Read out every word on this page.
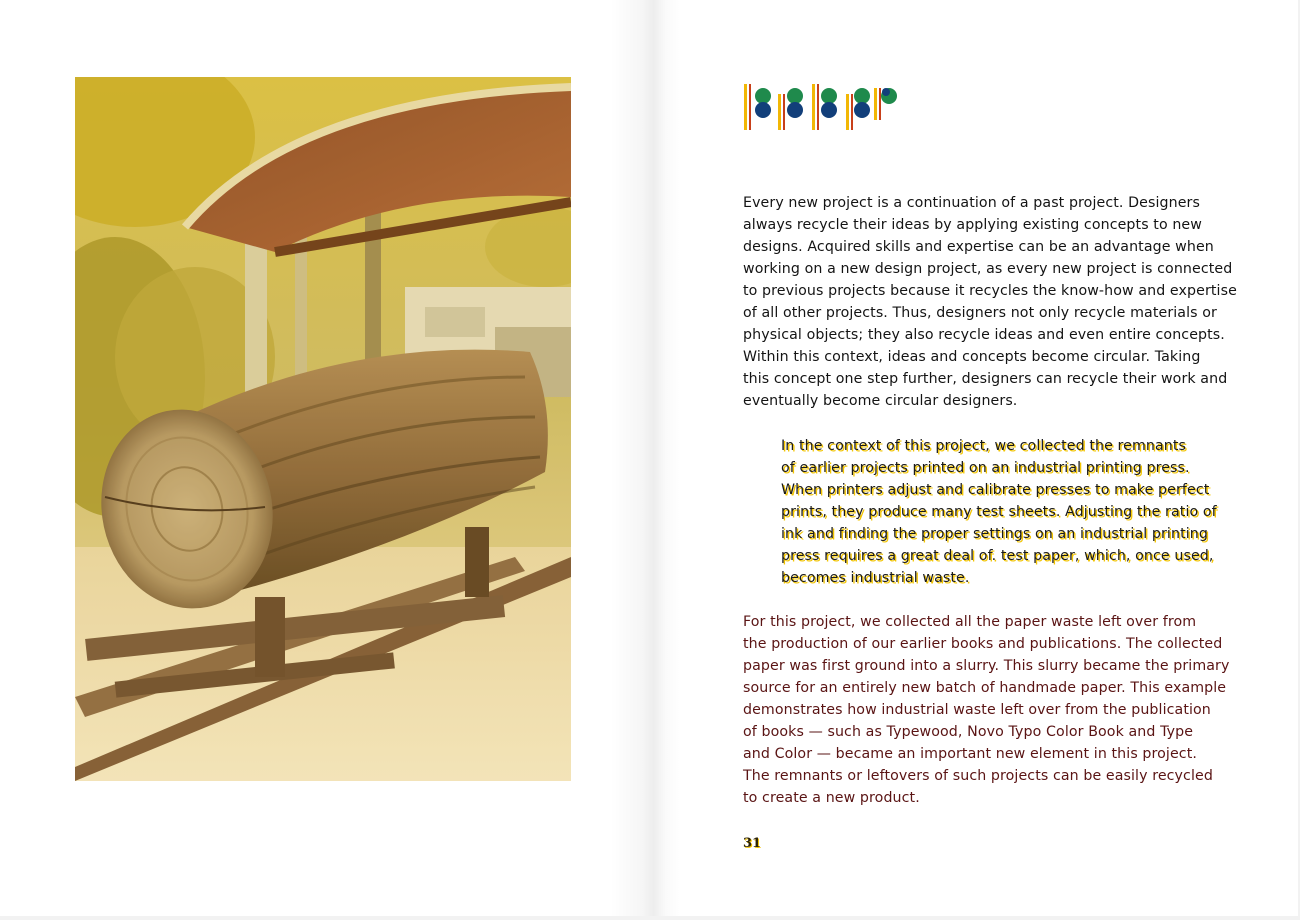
Every new project is a continuation of a past project. Designers
always recycle their ideas by applying existing concepts to new
designs. Acquired skills and expertise can be an advantage when
working on a new design project, as every new project is connected
to previous projects because it recycles the know-how and expertise
of all other projects. Thus, designers not only recycle materials or
physical objects; they also recycle ideas and even entire concepts.
Within this context, ideas and concepts become circular. Taking
this concept one step further, designers can recycle their work and
eventually become circular designers.

In the context of this project, we collected the remnants
of earlier projects printed on an industrial printing press.
When printers adjust and calibrate presses to make perfect
prints, they produce many test sheets. Adjusting the ratio of
ink and finding the proper settings on an industrial printing
press requires a great deal of. test paper, which, once used,
becomes industrial waste.

For this project, we collected all the paper waste left over from
the production of our earlier books and publications. The collected
paper was first ground into a slurry. This slurry became the primary
source for an entirely new batch of handmade paper. This example
demonstrates how industrial waste left over from the publication
of books — such as Typewood, Novo Typo Color Book and Type
and Color — became an important new element in this project.
The remnants or leftovers of such projects can be easily recycled
to create a new product.

31
